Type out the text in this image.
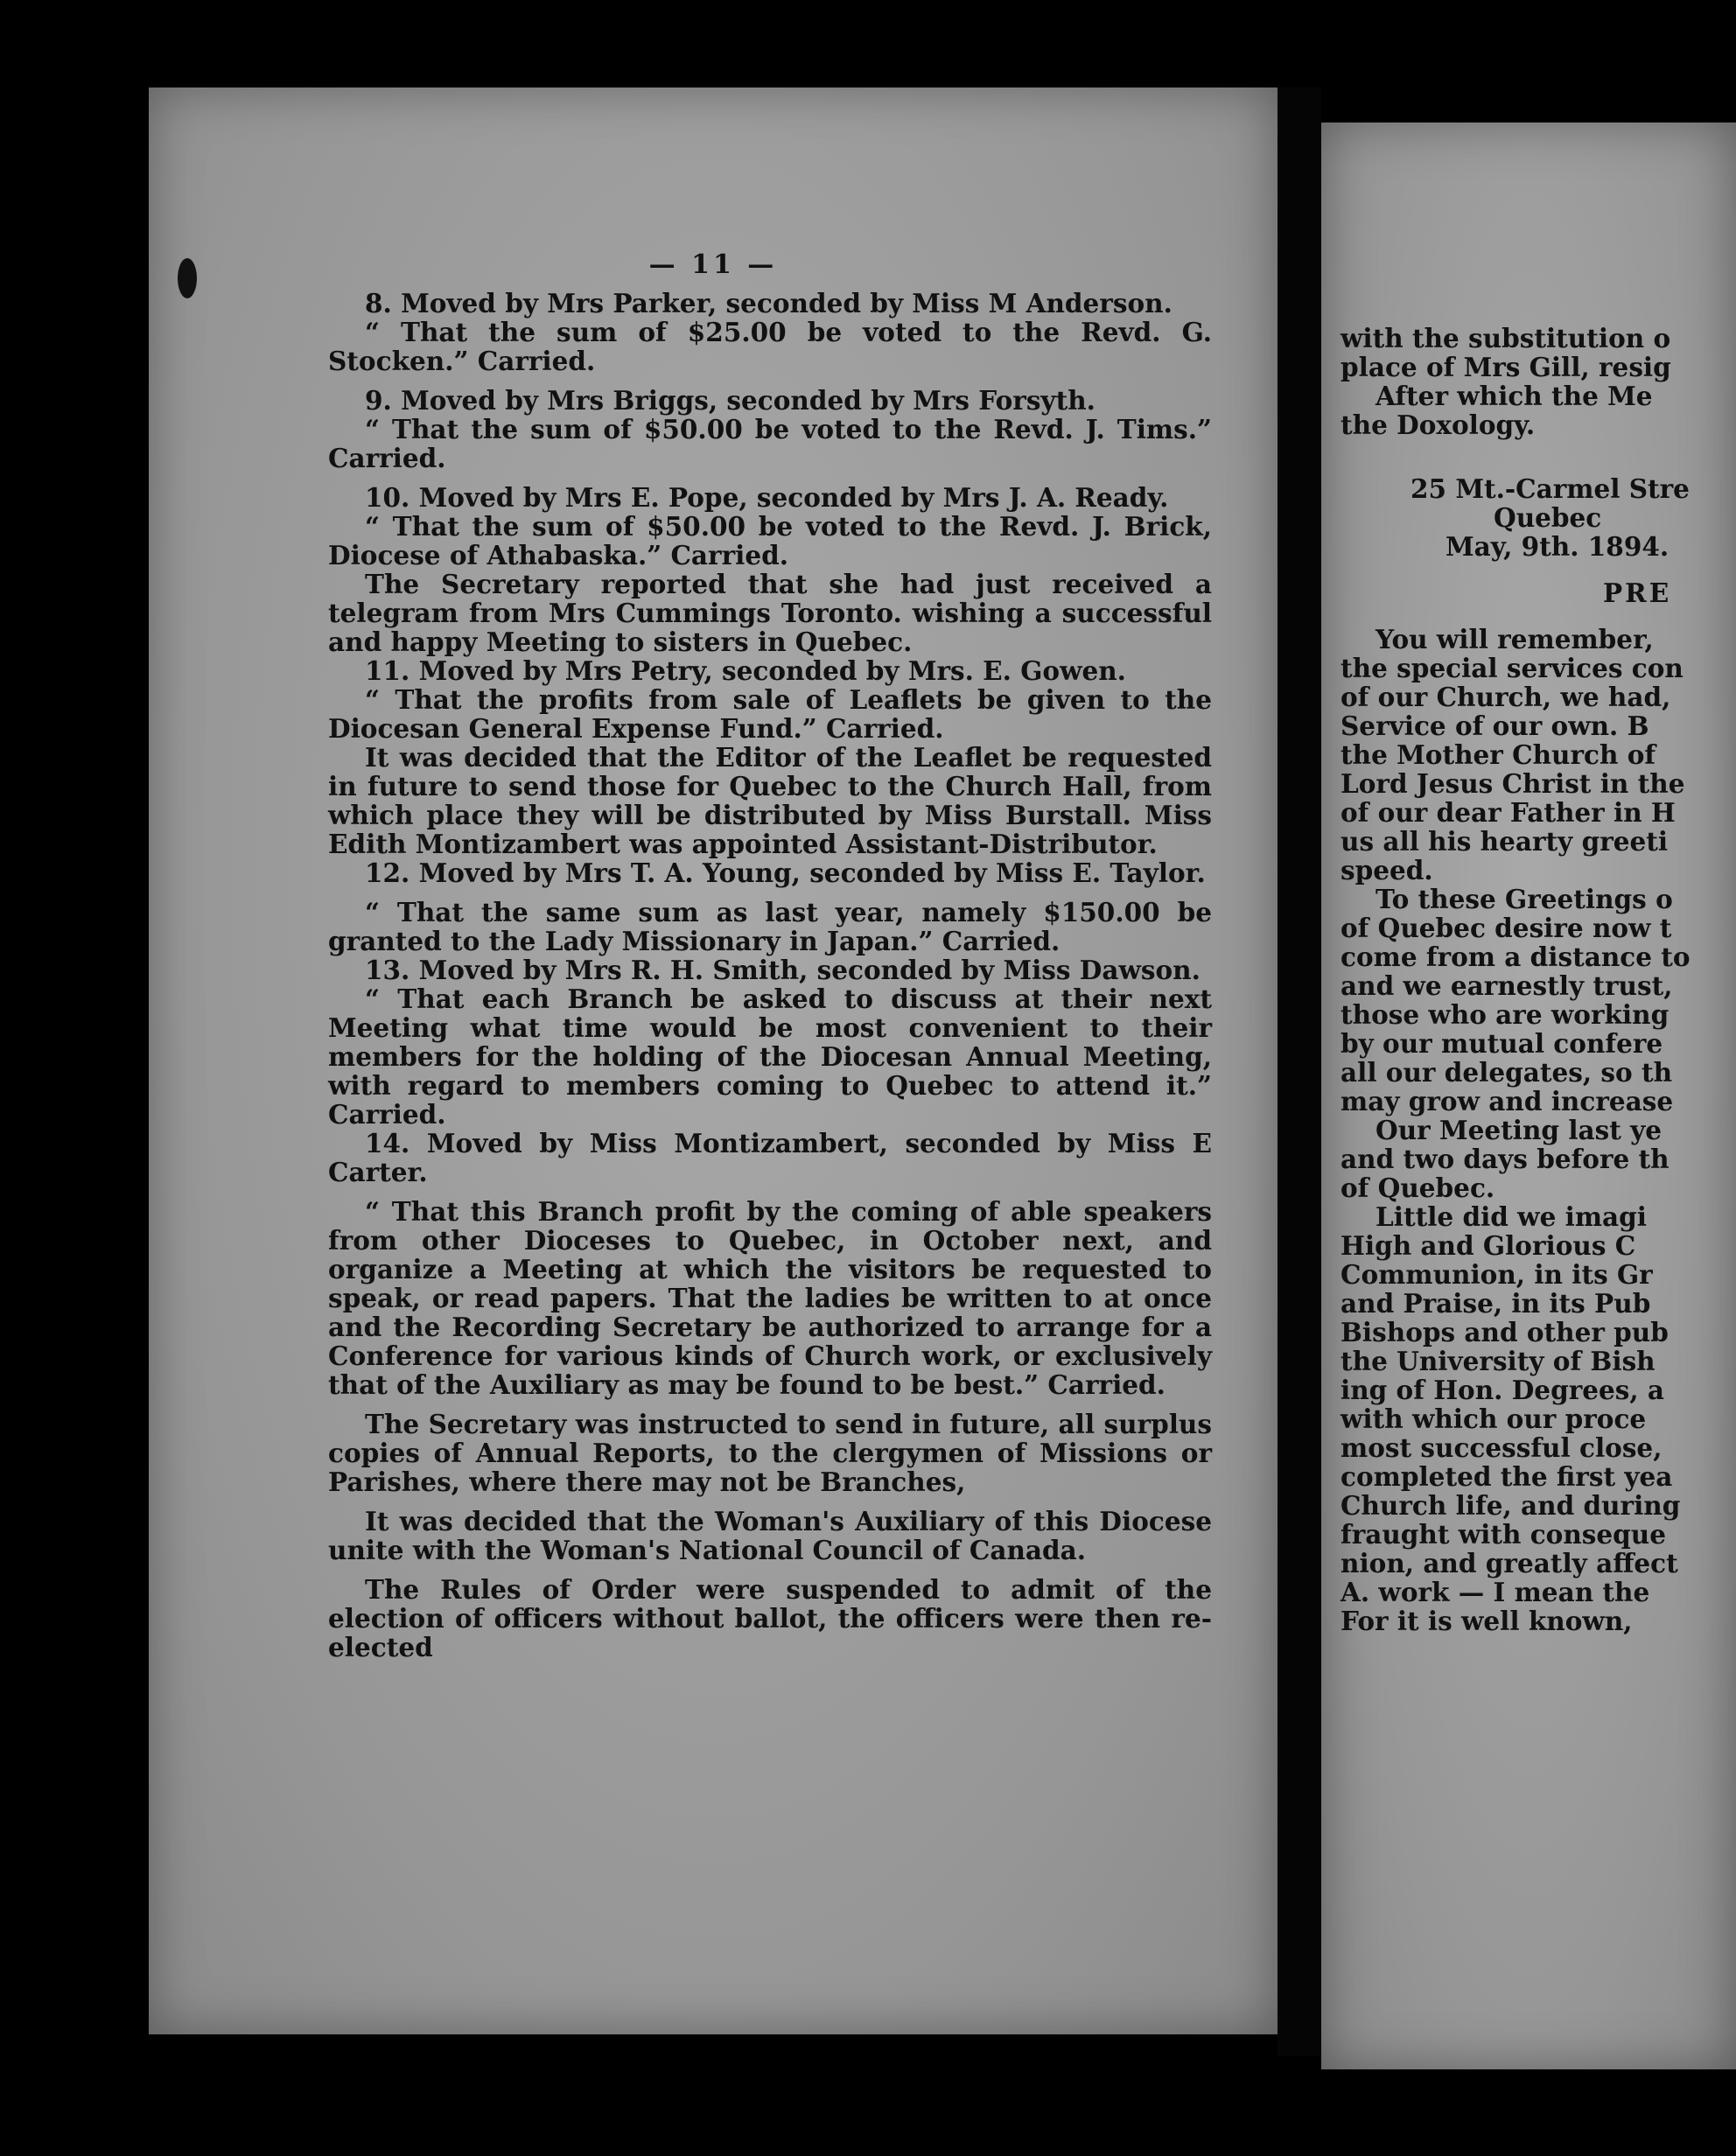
— 11 —

8. Moved by Mrs Parker, seconded by Miss M Anderson.

“ That the sum of $25.00 be voted to the Revd. G. Stocken.” Carried.

9. Moved by Mrs Briggs, seconded by Mrs Forsyth.

“ That the sum of $50.00 be voted to the Revd. J. Tims.” Carried.

10. Moved by Mrs E. Pope, seconded by Mrs J. A. Ready.

“ That the sum of $50.00 be voted to the Revd. J. Brick, Diocese of Athabaska.” Carried.

The Secretary reported that she had just received a telegram from Mrs Cummings Toronto. wishing a successful and happy Meeting to sisters in Quebec.

11. Moved by Mrs Petry, seconded by Mrs. E. Gowen.

“ That the profits from sale of Leaflets be given to the Diocesan General Expense Fund.” Carried.

It was decided that the Editor of the Leaflet be requested in future to send those for Quebec to the Church Hall, from which place they will be distributed by Miss Burstall. Miss Edith Montizambert was appointed Assistant-Distributor.

12. Moved by Mrs T. A. Young, seconded by Miss E. Taylor.

“ That the same sum as last year, namely $150.00 be granted to the Lady Missionary in Japan.” Carried.

13. Moved by Mrs R. H. Smith, seconded by Miss Dawson.

“ That each Branch be asked to discuss at their next Meeting what time would be most convenient to their members for the holding of the Diocesan Annual Meeting, with regard to members coming to Quebec to attend it.” Carried.

14. Moved by Miss Montizambert, seconded by Miss E Carter.

“ That this Branch profit by the coming of able speakers from other Dioceses to Quebec, in October next, and organize a Meeting at which the visitors be requested to speak, or read papers. That the ladies be written to at once and the Recording Secretary be authorized to arrange for a Conference for various kinds of Church work, or exclusively that of the Auxiliary as may be found to be best.” Carried.

The Secretary was instructed to send in future, all surplus copies of Annual Reports, to the clergymen of Missions or Parishes, where there may not be Branches,

It was decided that the Woman's Auxiliary of this Diocese unite with the Woman's National Council of Canada.

The Rules of Order were suspended to admit of the election of officers without ballot, the officers were then re-elected

with the substitution o

place of Mrs Gill, resig

After which the Me

the Doxology.

25 Mt.-Carmel Stre

Quebec

May, 9th. 1894.

PRE

You will remember,

the special services con

of our Church, we had,

Service of our own. B

the Mother Church of

Lord Jesus Christ in the

of our dear Father in H

us all his hearty greeti

speed.

To these Greetings o

of Quebec desire now t

come from a distance to

and we earnestly trust,

those who are working

by our mutual confere

all our delegates, so th

may grow and increase

Our Meeting last ye

and two days before th

of Quebec.

Little did we imagi

High and Glorious C

Communion, in its Gr

and Praise, in its Pub

Bishops and other pub

the University of Bish

ing of Hon. Degrees, a

with which our proce

most successful close,

completed the first yea

Church life, and during

fraught with conseque

nion, and greatly affect

A. work — I mean the

For it is well known,
